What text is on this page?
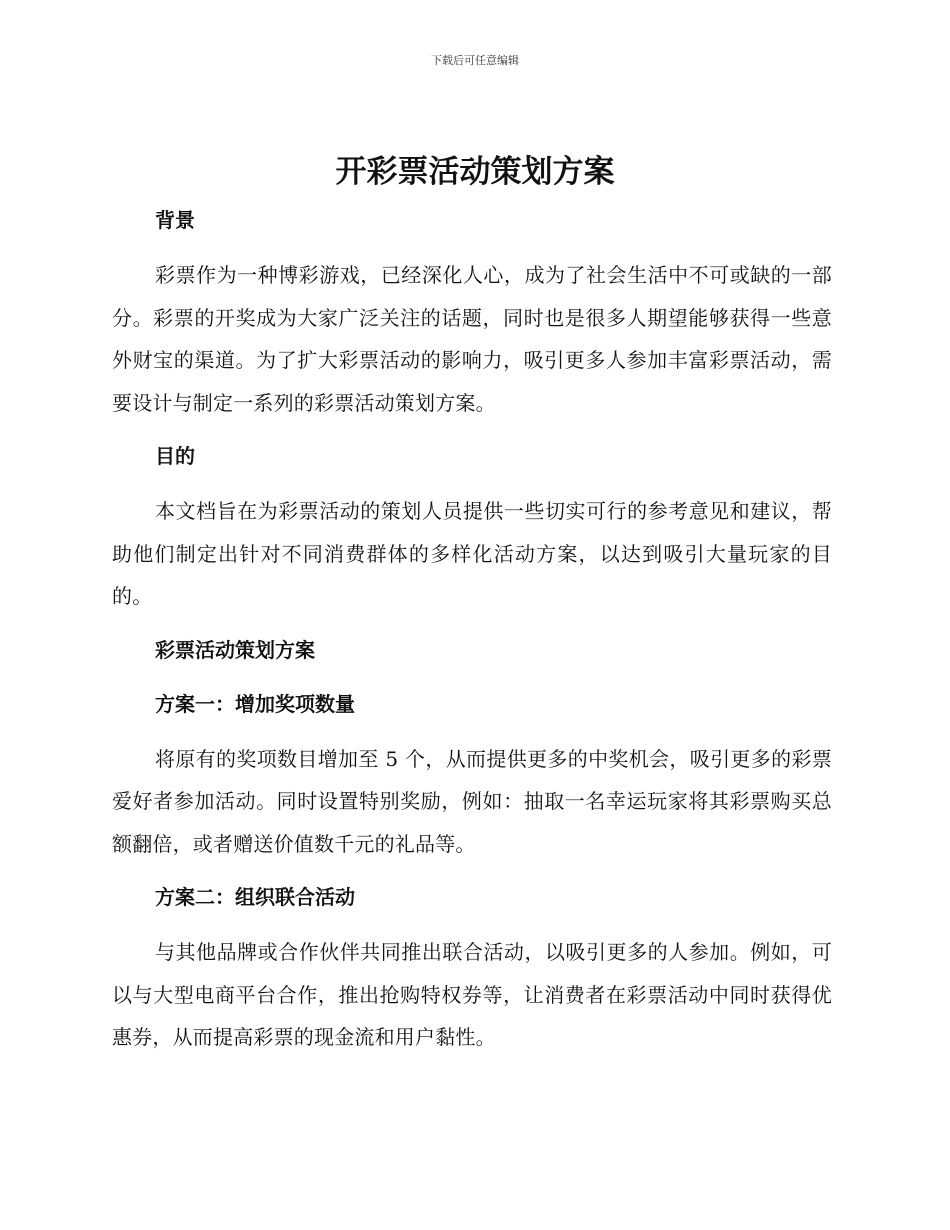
下载后可任意编辑
开彩票活动策划方案
背景

彩票作为一种博彩游戏，已经深化人心，成为了社会生活中不可或缺的一部分。彩票的开奖成为大家广泛关注的话题，同时也是很多人期望能够获得一些意外财宝的渠道。为了扩大彩票活动的影响力，吸引更多人参加丰富彩票活动，需要设计与制定一系列的彩票活动策划方案。

目的

本文档旨在为彩票活动的策划人员提供一些切实可行的参考意见和建议，帮助他们制定出针对不同消费群体的多样化活动方案，以达到吸引大量玩家的目的。

彩票活动策划方案
方案一：增加奖项数量

将原有的奖项数目增加至 5 个，从而提供更多的中奖机会，吸引更多的彩票爱好者参加活动。同时设置特别奖励，例如：抽取一名幸运玩家将其彩票购买总额翻倍，或者赠送价值数千元的礼品等。

方案二：组织联合活动

与其他品牌或合作伙伴共同推出联合活动，以吸引更多的人参加。例如，可以与大型电商平台合作，推出抢购特权券等，让消费者在彩票活动中同时获得优惠券，从而提高彩票的现金流和用户黏性。
